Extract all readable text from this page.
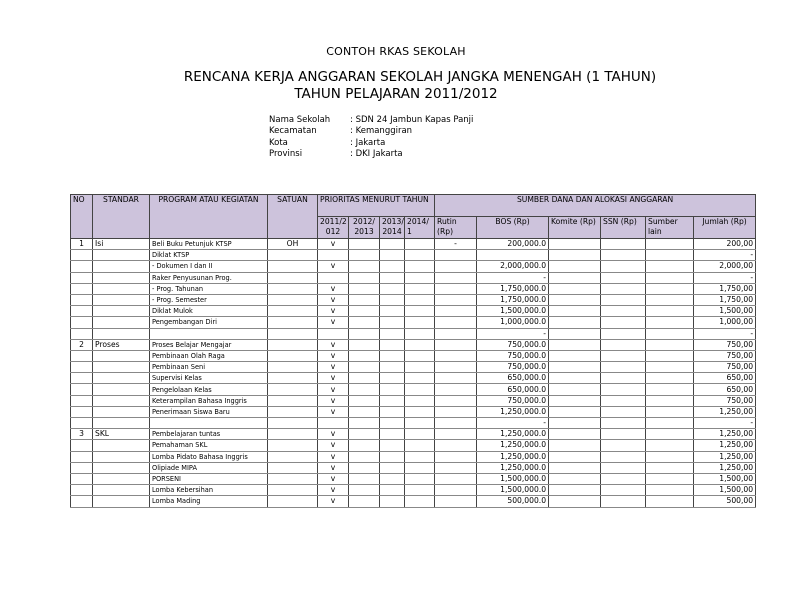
CONTOH RKAS SEKOLAH
RENCANA KERJA ANGGARAN SEKOLAH JANGKA MENENGAH (1 TAHUN)
TAHUN PELAJARAN 2011/2012
Nama Sekolah	: SDN 24 Jambun Kapas Panji
Kecamatan	: Kemanggiran
Kota	: Jakarta
Provinsi	: DKI Jakarta
NO	STANDAR	PROGRAM ATAU KEGIATAN	SATUAN	PRIORITAS MENURUT TAHUN				SUMBER DANA DAN ALOKASI ANGGARAN					
				2011/2 012	2012/ 2013	2013/ 2014	2014/ 1	Rutin (Rp)	BOS (Rp)	Komite (Rp)	SSN (Rp)	Sumber lain	Jumlah (Rp)
1	Isi	Beli Buku Petunjuk KTSP	OH	v				-	200,000.0				200,00
		Diklat KTSP											-
		- Dokumen I dan II		v					2,000,000.0				2,000,00
		Raker Penyusunan Prog.							-				-
		- Prog. Tahunan		v					1,750,000.0				1,750,00
		- Prog. Semester		v					1,750,000.0				1,750,00
		Diklat Mulok		v					1,500,000.0				1,500,00
		Pengembangan Diri		v					1,000,000.0				1,000,00
									-				-
2	Proses	Proses Belajar Mengajar		v					750,000.0				750,00
		Pembinaan Olah Raga		v					750,000.0				750,00
		Pembinaan Seni		v					750,000.0				750,00
		Supervisi Kelas		v					650,000.0				650,00
		Pengelolaan Kelas		v					650,000.0				650,00
		Keterampilan Bahasa Inggris		v					750,000.0				750,00
		Penerimaan Siswa Baru		v					1,250,000.0				1,250,00
									-				-
3	SKL	Pembelajaran tuntas		v					1,250,000.0				1,250,00
		Pemahaman SKL		v					1,250,000.0				1,250,00
		Lomba Pidato Bahasa Inggris		v					1,250,000.0				1,250,00
		Olipiade MIPA		v					1,250,000.0				1,250,00
		PORSENI		v					1,500,000.0				1,500,00
		Lomba Kebersihan		v					1,500,000.0				1,500,00
		Lomba Mading		v					500,000.0				500,00
